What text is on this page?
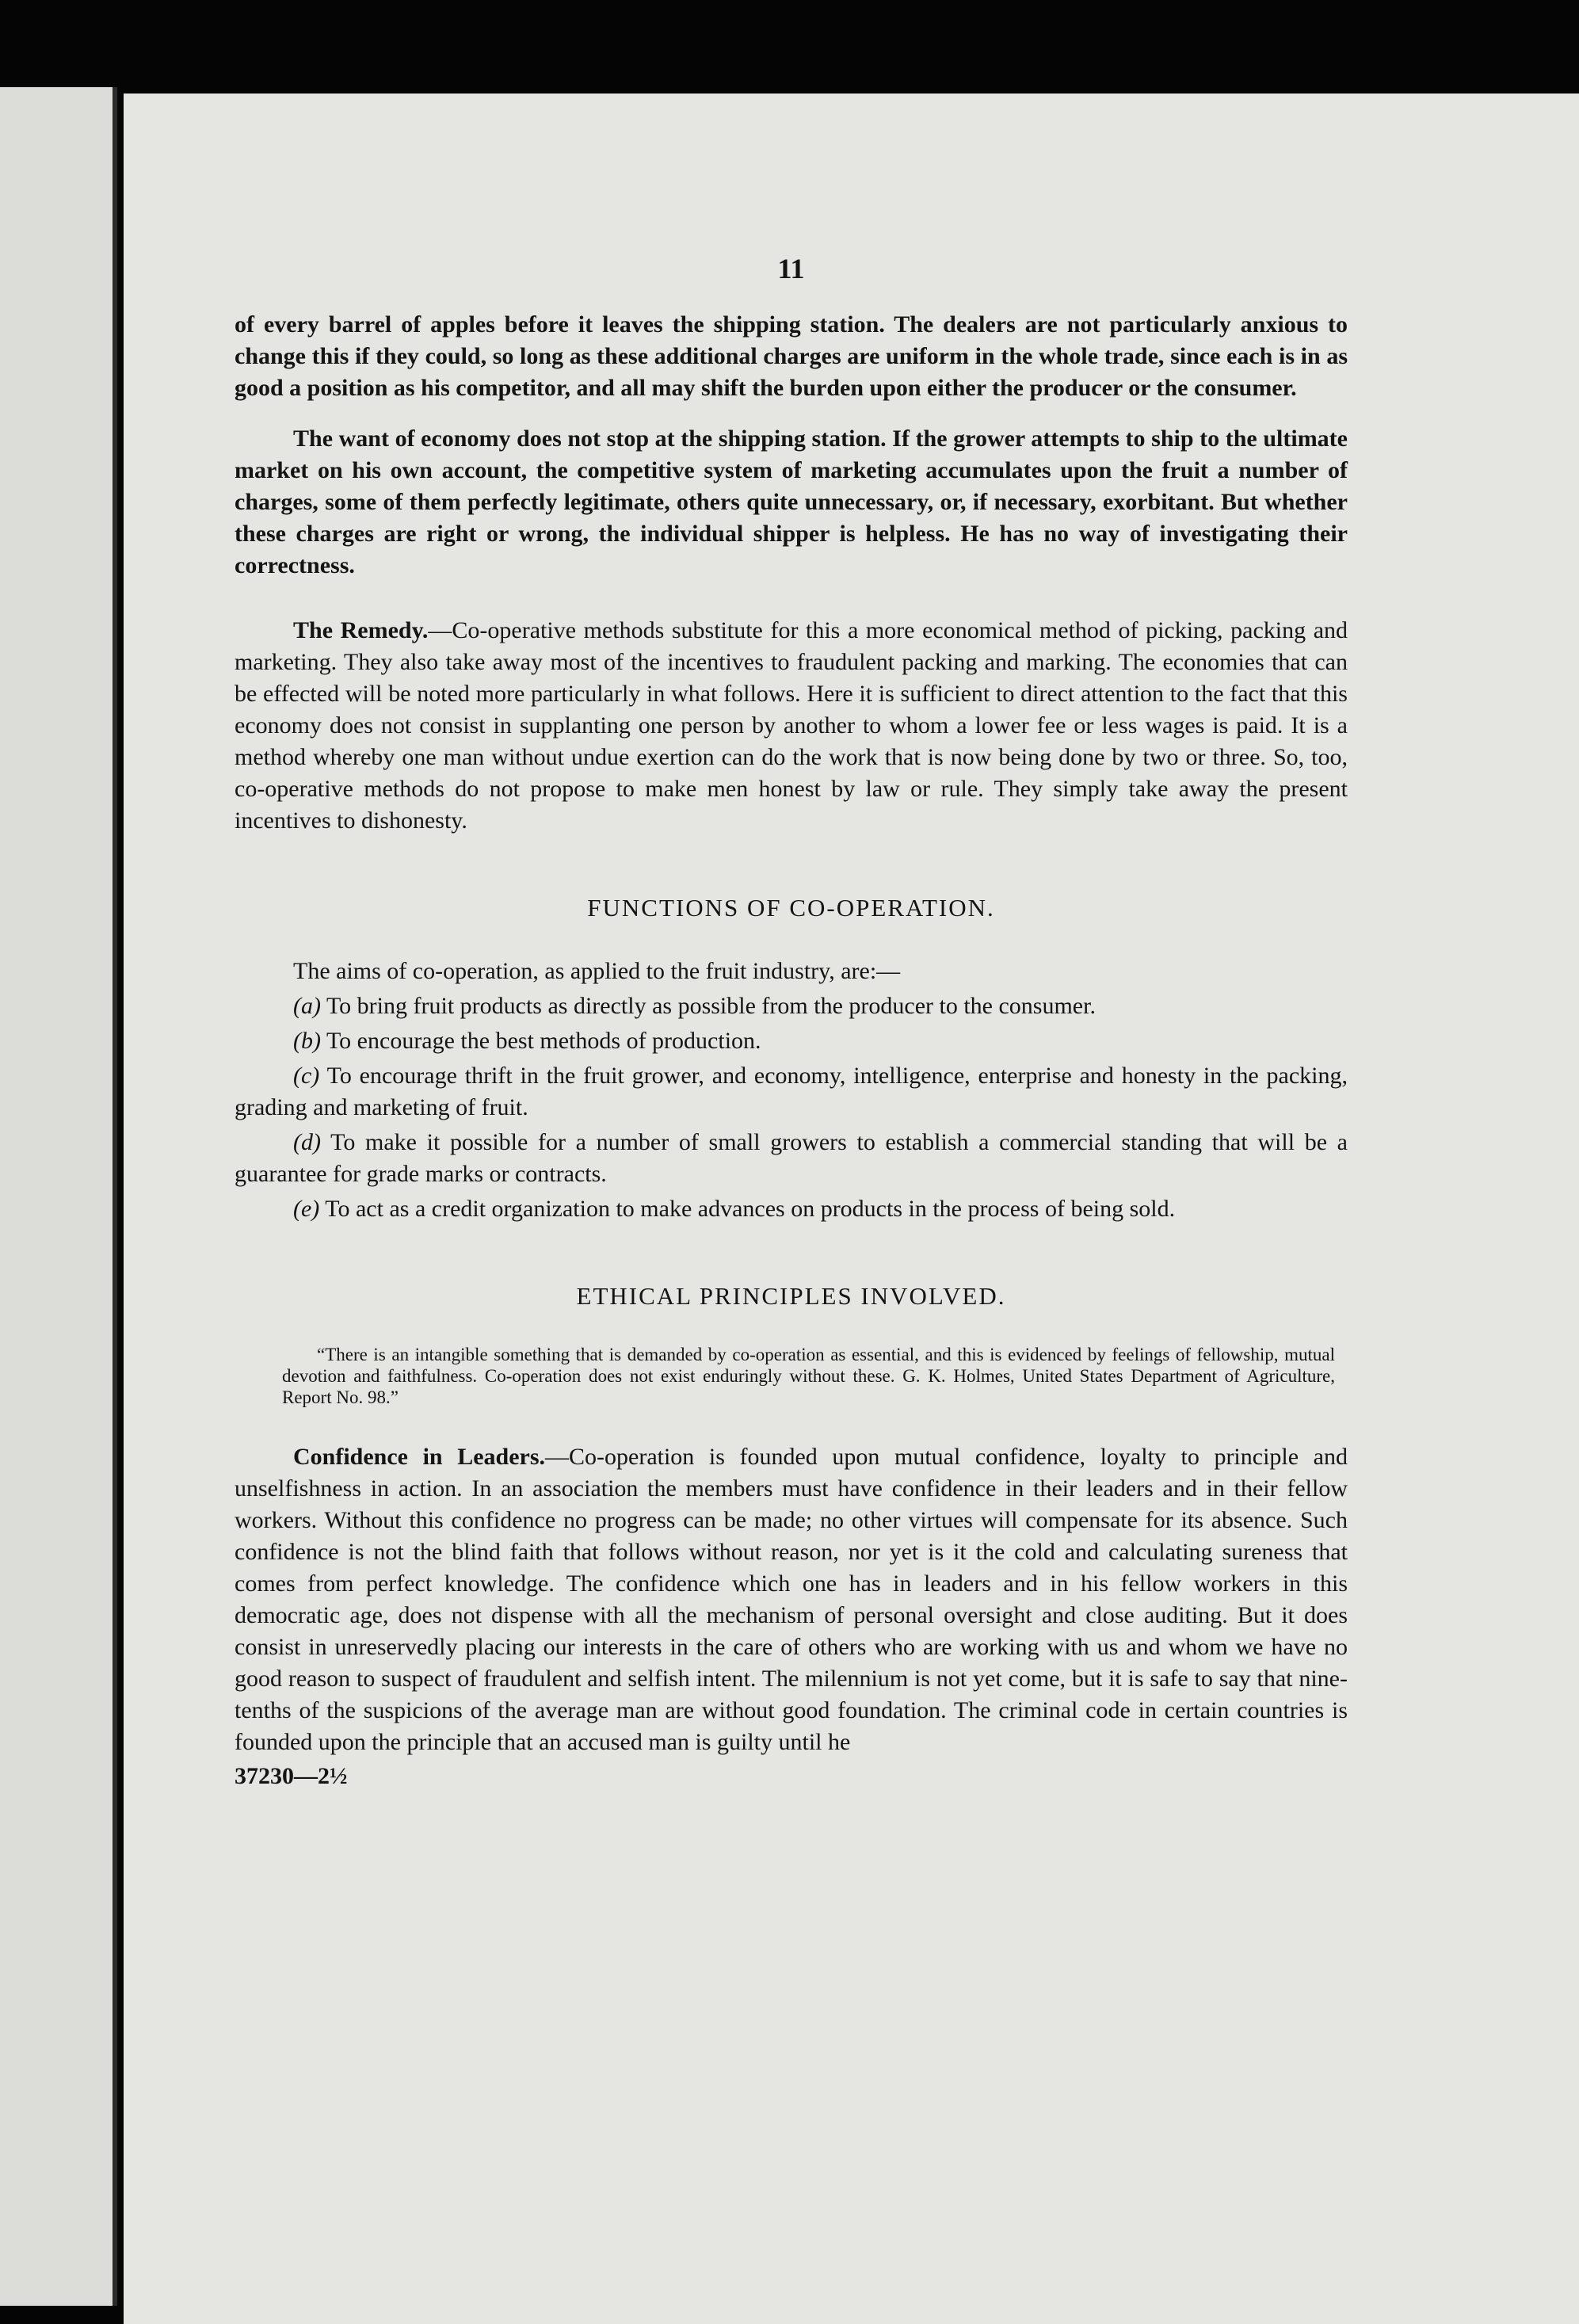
11

of every barrel of apples before it leaves the shipping station. The dealers are not particularly anxious to change this if they could, so long as these additional charges are uniform in the whole trade, since each is in as good a position as his competitor, and all may shift the burden upon either the producer or the consumer.

The want of economy does not stop at the shipping station. If the grower attempts to ship to the ultimate market on his own account, the competitive system of marketing accumulates upon the fruit a number of charges, some of them perfectly legitimate, others quite unnecessary, or, if necessary, exorbitant. But whether these charges are right or wrong, the individual shipper is helpless. He has no way of investigating their correctness.

The Remedy.—Co-operative methods substitute for this a more economical method of picking, packing and marketing. They also take away most of the incentives to fraudulent packing and marking. The economies that can be effected will be noted more particularly in what follows. Here it is sufficient to direct attention to the fact that this economy does not consist in supplanting one person by another to whom a lower fee or less wages is paid. It is a method whereby one man without undue exertion can do the work that is now being done by two or three. So, too, co-operative methods do not propose to make men honest by law or rule. They simply take away the present incentives to dishonesty.

FUNCTIONS OF CO-OPERATION.

The aims of co-operation, as applied to the fruit industry, are:—

(a) To bring fruit products as directly as possible from the producer to the consumer.

(b) To encourage the best methods of production.

(c) To encourage thrift in the fruit grower, and economy, intelligence, enterprise and honesty in the packing, grading and marketing of fruit.

(d) To make it possible for a number of small growers to establish a commercial standing that will be a guarantee for grade marks or contracts.

(e) To act as a credit organization to make advances on products in the process of being sold.

ETHICAL PRINCIPLES INVOLVED.

“There is an intangible something that is demanded by co-operation as essential, and this is evidenced by feelings of fellowship, mutual devotion and faithfulness. Co-operation does not exist enduringly without these. G. K. Holmes, United States Department of Agriculture, Report No. 98.”

Confidence in Leaders.—Co-operation is founded upon mutual confidence, loyalty to principle and unselfishness in action. In an association the members must have confidence in their leaders and in their fellow workers. Without this confidence no progress can be made; no other virtues will compensate for its absence. Such confidence is not the blind faith that follows without reason, nor yet is it the cold and calculating sureness that comes from perfect knowledge. The confidence which one has in leaders and in his fellow workers in this democratic age, does not dispense with all the mechanism of personal oversight and close auditing. But it does consist in unreservedly placing our interests in the care of others who are working with us and whom we have no good reason to suspect of fraudulent and selfish intent. The milennium is not yet come, but it is safe to say that nine-tenths of the suspicions of the average man are without good foundation. The criminal code in certain countries is founded upon the principle that an accused man is guilty until he

37230—2½
